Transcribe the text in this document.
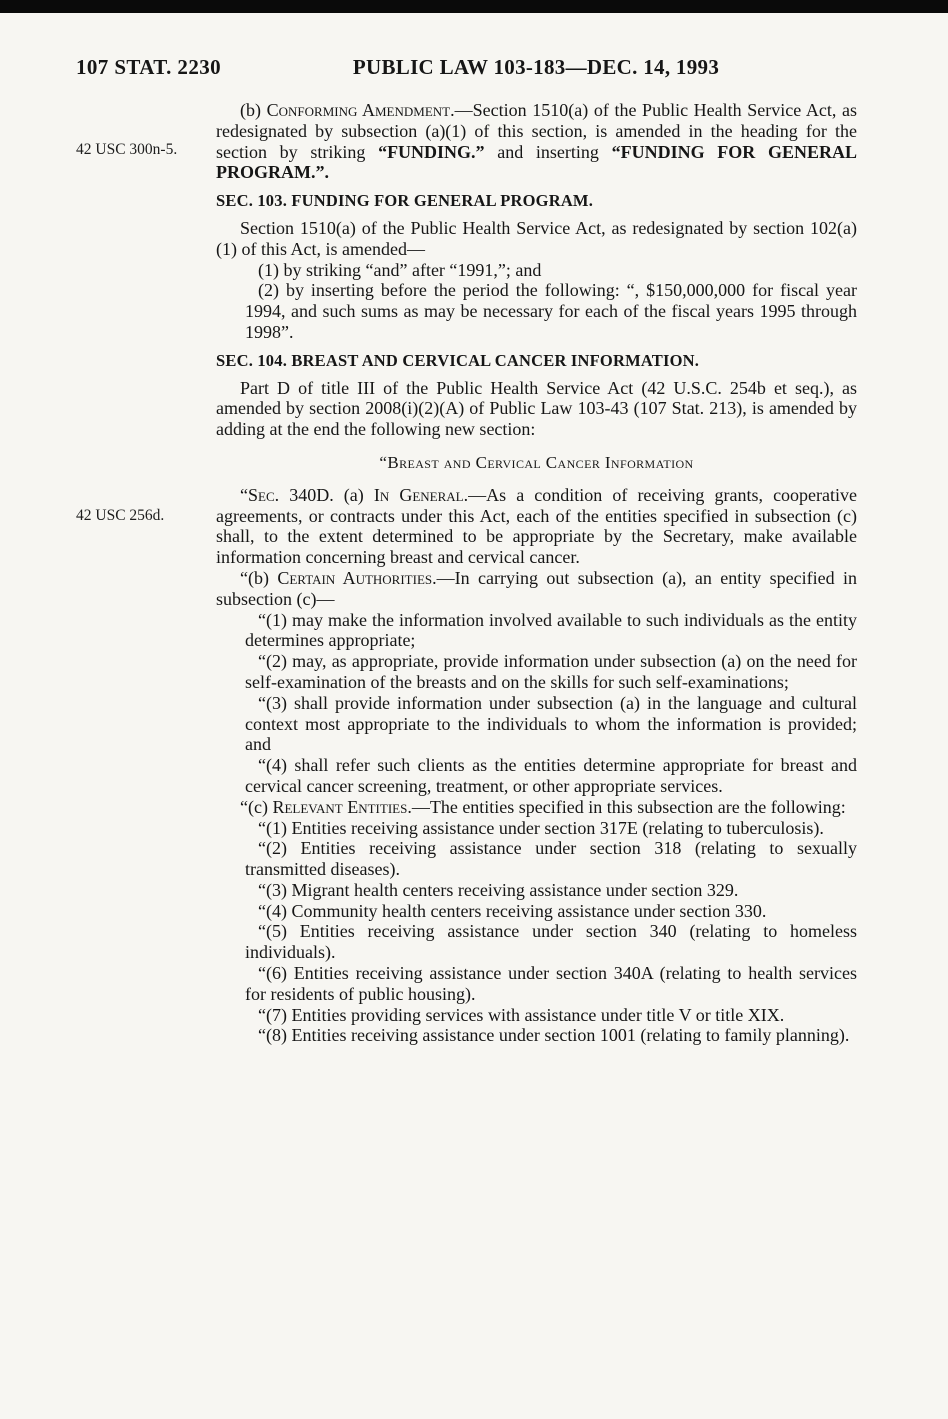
107 STAT. 2230	PUBLIC LAW 103-183—DEC. 14, 1993
42 USC 300n-5.
42 USC 256d.

(b) Conforming Amendment.—Section 1510(a) of the Public Health Service Act, as redesignated by subsection (a)(1) of this section, is amended in the heading for the section by striking “FUNDING.” and inserting “FUNDING FOR GENERAL PROGRAM.”.

SEC. 103. FUNDING FOR GENERAL PROGRAM.

Section 1510(a) of the Public Health Service Act, as redesignated by section 102(a)(1) of this Act, is amended—

(1) by striking “and” after “1991,”; and

(2) by inserting before the period the following: “, $150,000,000 for fiscal year 1994, and such sums as may be necessary for each of the fiscal years 1995 through 1998”.

SEC. 104. BREAST AND CERVICAL CANCER INFORMATION.

Part D of title III of the Public Health Service Act (42 U.S.C. 254b et seq.), as amended by section 2008(i)(2)(A) of Public Law 103-43 (107 Stat. 213), is amended by adding at the end the following new section:

“Breast and Cervical Cancer Information

“Sec. 340D. (a) In General.—As a condition of receiving grants, cooperative agreements, or contracts under this Act, each of the entities specified in subsection (c) shall, to the extent determined to be appropriate by the Secretary, make available information concerning breast and cervical cancer.

“(b) Certain Authorities.—In carrying out subsection (a), an entity specified in subsection (c)—

“(1) may make the information involved available to such individuals as the entity determines appropriate;

“(2) may, as appropriate, provide information under subsection (a) on the need for self-examination of the breasts and on the skills for such self-examinations;

“(3) shall provide information under subsection (a) in the language and cultural context most appropriate to the individuals to whom the information is provided; and

“(4) shall refer such clients as the entities determine appropriate for breast and cervical cancer screening, treatment, or other appropriate services.

“(c) Relevant Entities.—The entities specified in this subsection are the following:

“(1) Entities receiving assistance under section 317E (relating to tuberculosis).

“(2) Entities receiving assistance under section 318 (relating to sexually transmitted diseases).

“(3) Migrant health centers receiving assistance under section 329.

“(4) Community health centers receiving assistance under section 330.

“(5) Entities receiving assistance under section 340 (relating to homeless individuals).

“(6) Entities receiving assistance under section 340A (relating to health services for residents of public housing).

“(7) Entities providing services with assistance under title V or title XIX.

“(8) Entities receiving assistance under section 1001 (relating to family planning).
